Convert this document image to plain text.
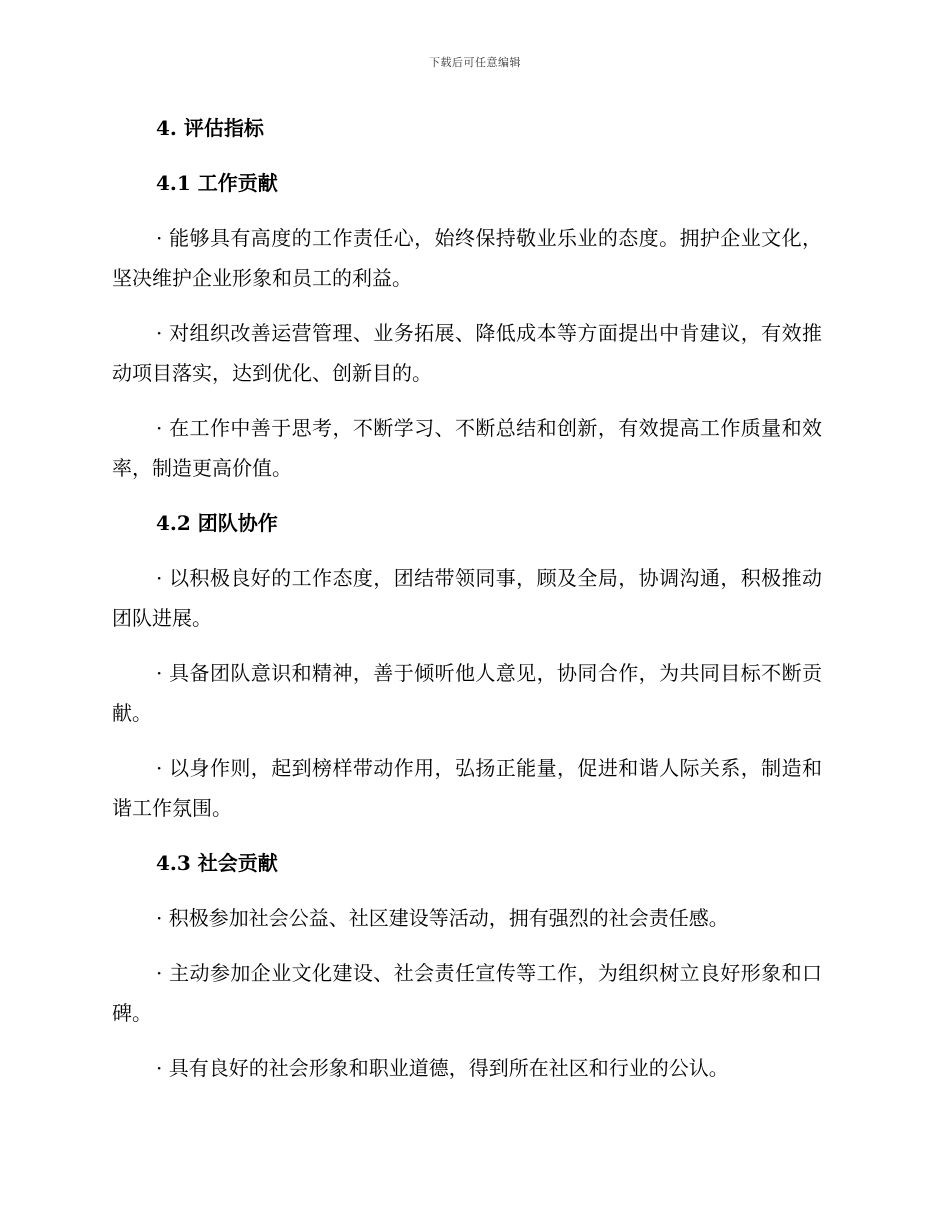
下载后可任意编辑
4. 评估指标
4.1 工作贡献
· 能够具有高度的工作责任心，始终保持敬业乐业的态度。拥护企业文化，坚决维护企业形象和员工的利益。
· 对组织改善运营管理、业务拓展、降低成本等方面提出中肯建议，有效推动项目落实，达到优化、创新目的。
· 在工作中善于思考，不断学习、不断总结和创新，有效提高工作质量和效率，制造更高价值。
4.2 团队协作
· 以积极良好的工作态度，团结带领同事，顾及全局，协调沟通，积极推动团队进展。
· 具备团队意识和精神，善于倾听他人意见，协同合作，为共同目标不断贡献。
· 以身作则，起到榜样带动作用，弘扬正能量，促进和谐人际关系，制造和谐工作氛围。
4.3 社会贡献
· 积极参加社会公益、社区建设等活动，拥有强烈的社会责任感。
· 主动参加企业文化建设、社会责任宣传等工作，为组织树立良好形象和口碑。
· 具有良好的社会形象和职业道德，得到所在社区和行业的公认。
